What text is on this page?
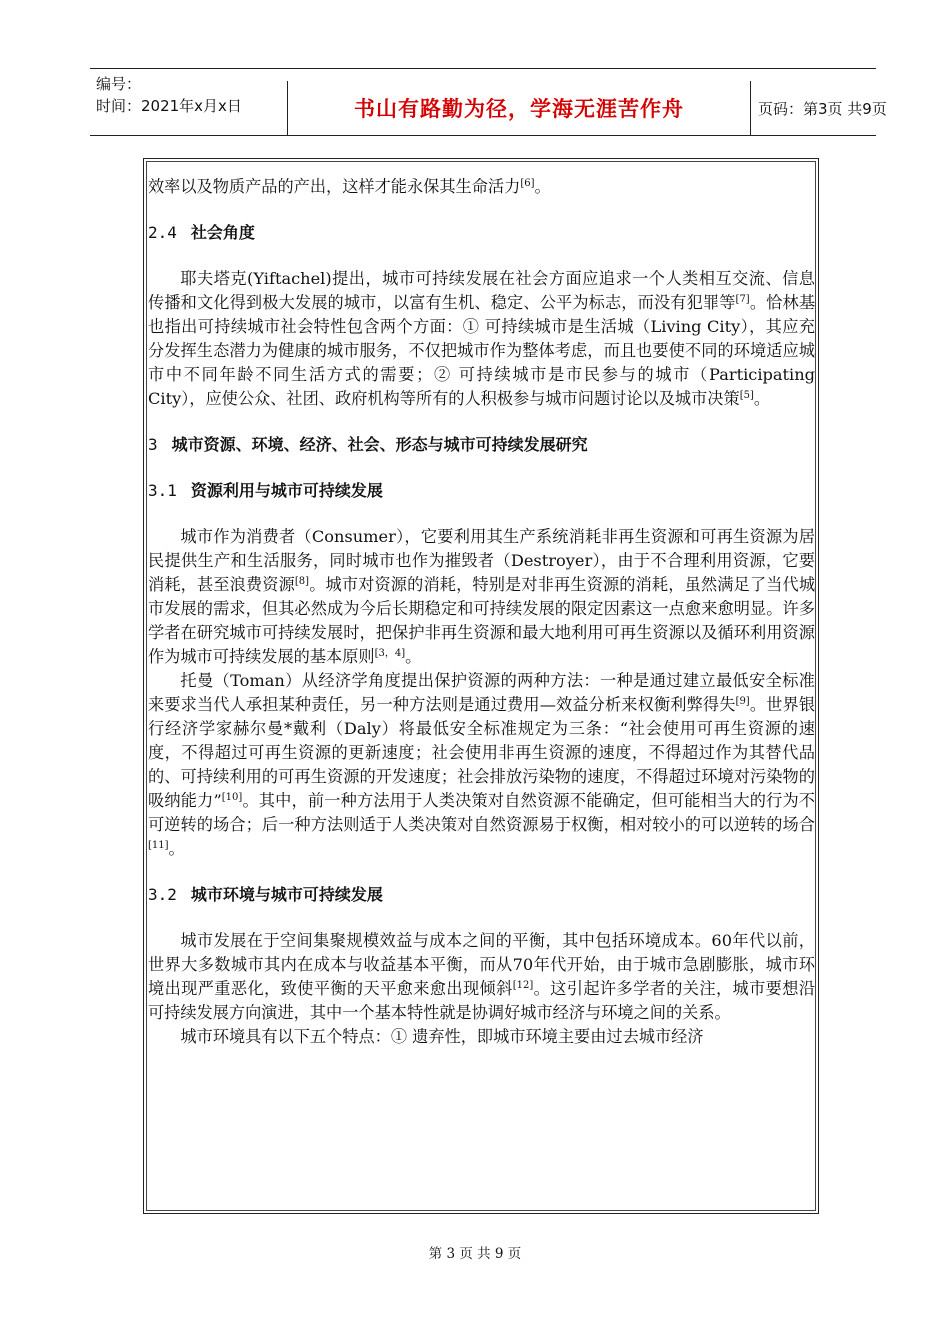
编号：
时间：2021年x月x日	书山有路勤为径，学海无涯苦作舟	页码：第3页 共9页

效率以及物质产品的产出，这样才能永保其生命活力[6]。

2.4 社会角度

耶夫塔克(Yiftachel)提出，城市可持续发展在社会方面应追求一个人类相互交流、信息传播和文化得到极大发展的城市，以富有生机、稳定、公平为标志，而没有犯罪等[7]。恰林基也指出可持续城市社会特性包含两个方面：① 可持续城市是生活城（Living City），其应充分发挥生态潜力为健康的城市服务，不仅把城市作为整体考虑，而且也要使不同的环境适应城市中不同年龄不同生活方式的需要；② 可持续城市是市民参与的城市（Participating City），应使公众、社团、政府机构等所有的人积极参与城市问题讨论以及城市决策[5]。

3 城市资源、环境、经济、社会、形态与城市可持续发展研究

3.1 资源利用与城市可持续发展

城市作为消费者（Consumer），它要利用其生产系统消耗非再生资源和可再生资源为居民提供生产和生活服务，同时城市也作为摧毁者（Destroyer），由于不合理利用资源，它要消耗，甚至浪费资源[8]。城市对资源的消耗，特别是对非再生资源的消耗，虽然满足了当代城市发展的需求，但其必然成为今后长期稳定和可持续发展的限定因素这一点愈来愈明显。许多学者在研究城市可持续发展时，把保护非再生资源和最大地利用可再生资源以及循环利用资源作为城市可持续发展的基本原则[3，4]。

托曼（Toman）从经济学角度提出保护资源的两种方法：一种是通过建立最低安全标准来要求当代人承担某种责任，另一种方法则是通过费用—效益分析来权衡利弊得失[9]。世界银行经济学家赫尔曼*戴利（Daly）将最低安全标准规定为三条：“社会使用可再生资源的速度，不得超过可再生资源的更新速度；社会使用非再生资源的速度，不得超过作为其替代品的、可持续利用的可再生资源的开发速度；社会排放污染物的速度，不得超过环境对污染物的吸纳能力”[10]。其中，前一种方法用于人类决策对自然资源不能确定，但可能相当大的行为不可逆转的场合；后一种方法则适于人类决策对自然资源易于权衡，相对较小的可以逆转的场合[11]。

3.2 城市环境与城市可持续发展

城市发展在于空间集聚规模效益与成本之间的平衡，其中包括环境成本。60年代以前，世界大多数城市其内在成本与收益基本平衡，而从70年代开始，由于城市急剧膨胀，城市环境出现严重恶化，致使平衡的天平愈来愈出现倾斜[12]。这引起许多学者的关注，城市要想沿可持续发展方向演进，其中一个基本特性就是协调好城市经济与环境之间的关系。

城市环境具有以下五个特点：① 遗弃性，即城市环境主要由过去城市经济

第 3 页 共 9 页
